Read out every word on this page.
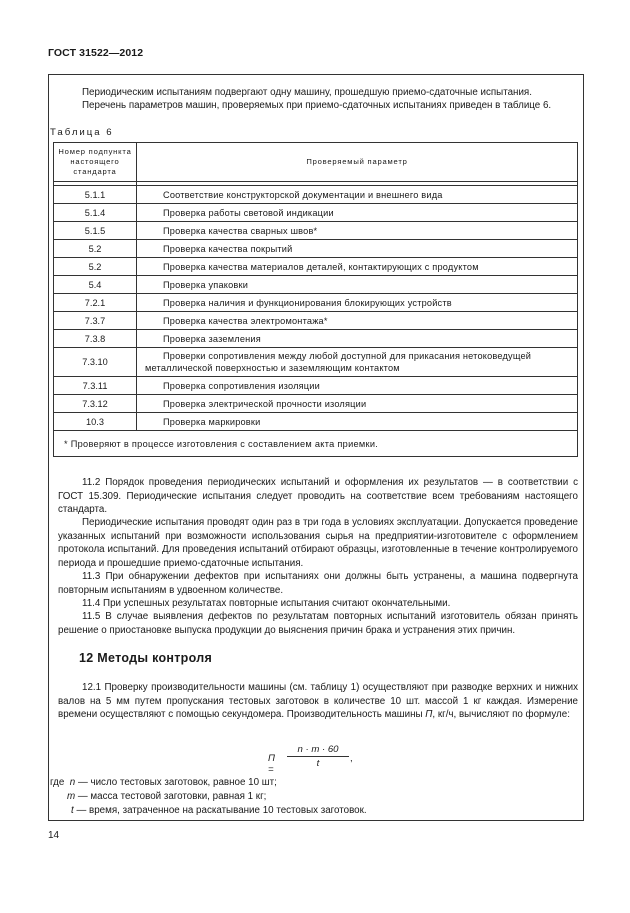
ГОСТ 31522—2012
Периодическим испытаниям подвергают одну машину, прошедшую приемо-сдаточные испытания.
Перечень параметров машин, проверяемых при приемо-сдаточных испытаниях приведен в таблице 6.
Таблица 6
Номер подпункта настоящего стандарта	Проверяемый параметр

5.1.1	Соответствие конструкторской документации и внешнего вида
5.1.4	Проверка работы световой индикации
5.1.5	Проверка качества сварных швов*
5.2	Проверка качества покрытий
5.2	Проверка качества материалов деталей, контактирующих с продуктом
5.4	Проверка упаковки
7.2.1	Проверка наличия и функционирования блокирующих устройств
7.3.7	Проверка качества электромонтажа*
7.3.8	Проверка заземления
7.3.10	Проверки сопротивления между любой доступной для прикасания нетоковедущей металлической поверхностью и заземляющим контактом
7.3.11	Проверка сопротивления изоляции
7.3.12	Проверка электрической прочности изоляции
10.3	Проверка маркировки
* Проверяют в процессе изготовления с составлением акта приемки.	
11.2 Порядок проведения периодических испытаний и оформления их результатов — в соответствии с ГОСТ 15.309. Периодические испытания следует проводить на соответствие всем требованиям настоящего стандарта.
Периодические испытания проводят один раз в три года в условиях эксплуатации. Допускается проведение указанных испытаний при возможности использования сырья на предприятии-изготовителе с оформлением протокола испытаний. Для проведения испытаний отбирают образцы, изготовленные в течение контролируемого периода и прошедшие приемо-сдаточные испытания.
11.3 При обнаружении дефектов при испытаниях они должны быть устранены, а машина подвергнута повторным испытаниям в удвоенном количестве.
11.4 При успешных результатах повторные испытания считают окончательными.
11.5 В случае выявления дефектов по результатам повторных испытаний изготовитель обязан принять решение о приостановке выпуска продукции до выяснения причин брака и устранения этих причин.
12 Методы контроля
12.1 Проверку производительности машины (см. таблицу 1) осуществляют при разводке верхних и нижних валов на 5 мм путем пропускания тестовых заготовок в количестве 10 шт. массой 1 кг каждая. Измерение времени осуществляют с помощью секундомера. Производительность машины П, кг/ч, вычисляют по формуле:
П =
$\frac{n \cdot m \cdot 60}{t}$ ,
где n — число тестовых заготовок, равное 10 шт;
m — масса тестовой заготовки, равная 1 кг;
t — время, затраченное на раскатывание 10 тестовых заготовок.
14
